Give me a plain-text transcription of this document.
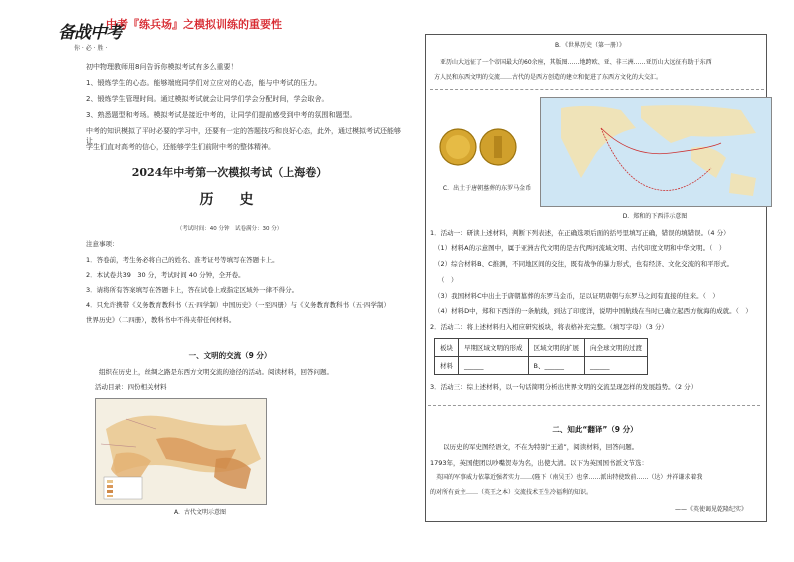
备战中考
你 · 必 · 胜 ·
中考『练兵场』之模拟训练的重要性
初中物理教师用8问告诉你模拟考试有多么重要！
1、锻炼学生的心态。能够端庭同学们对立应对的心态，能与中考试的压力。
2、锻炼学生管理时间。通过模拟考试就会让同学们学会分配时间，学会取舍。
3、熟悉题型和考场。模拟考试是接近中考的，让同学们提前感受到中考的氛围和题型。
中考的知识模拟了平时必要的学习中，还要有一定的答题技巧和良好心态，此外，通过模拟考试还能够让
学生们直对高考的信心，还能够学生们前附中考的整体精神。
2024年中考第一次模拟考试（上海卷）
历　史
（考试时间：40 分钟　试卷满分：30 分）
注意事项：
1．答卷前，考生务必将自己的姓名、准考证号等填写在答题卡上。
2．本试卷共39　30 分，考试时间 40 分钟，全开卷。
3．请将所有答案填写在答题卡上，答在试卷上或指定区域外一律不得分。
4．只允许携带《义务教育教科书（五·四学制）中国历史》（一至四册）与《义务教育教科书（五·四学制）
世界历史》（二四册），教科书中不得夹带任何材料。
一、文明的交流（9 分）
　　组织在历史上，丝绸之路是东西方文明交流的途径的活动。阅读材料，回答问题。
活动目录：四份相关材料
A．古代文明示意图
B．《世界历史（第一册）》
　亚历山大远征了一个帝国最大的60余座，其版图……地跨欧、亚、非三洲……亚历山大远征有助于东西
方人民和东西文明的交流……古代的是西方创造的建立和促进了东西方文化的大交汇。
C．出土于唐朝墓葬的东罗马金币
D．郑和的下西洋示意图
1．活动一：研读上述材料，判断下列表述，在正确选项后面的括号里填写正确，错误的填错误。（4 分）
（1）材料A的示意图中，属于亚洲古代文明的是古代两河流域文明、古代印度文明和中华文明。（　）
（2）综合材料B、C推测，不同地区间的交往，既有战争的暴力形式，也有经济、文化交流的和平形式。
（　）
（3）我国材料C中出土于唐朝墓葬的东罗马金币，足以证明唐朝与东罗马之间有直接的往来。（　）
（4）材料D中，郑和下西洋的一条航线，到达了印度洋，说明中国航线在当时已确立起西方航海的成就。（　）
2．活动二：将上述材料归入相应研究板块，将表格补充完整。（填写字母）（3 分）
板块	早期区域文明的形成	区域文明的扩展	向全球文明的过渡
材料	______	B、______	______
3．活动三：综上述材料，以一句话简明分析出世界文明的交流呈现怎样的发展趋势。（2 分）
二、知此“翻译”（9 分）
　　以历史的军史图经语文，不在为特别“王道”，阅读材料，回答问题。
1793年，英国使团以吵嘴贺寿为名，出使大清。以下为英国国书派文节选：
　英国的军事威力依靠近强者实力……(陛下（南吴王）也拿……派出特使致前……（达）并祥谦求着我
的对所有贡主……（英王之本）交流技术王生冷福利的知识。
——《英使谒见乾隆纪实》
